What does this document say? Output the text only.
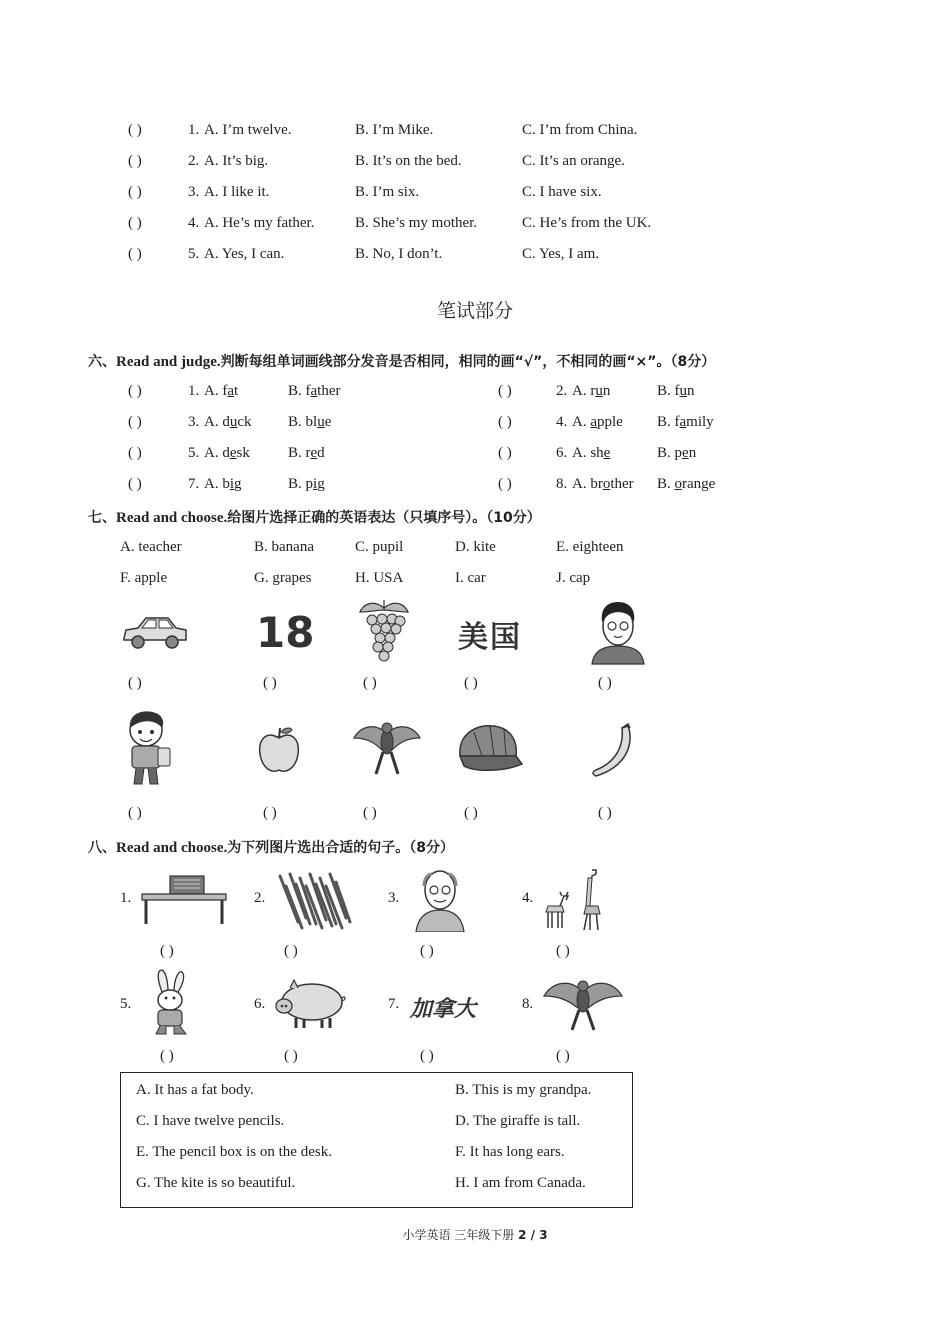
( )	1. A. I’m twelve.	B. I’m Mike.	C. I’m from China.
( )	2. A. It’s big.	B. It’s on the bed.	C. It’s an orange.
( )	3. A. I like it.	B. I’m six.	C. I have six.
( )	4. A. He’s my father.	B. She’s my mother.	C. He’s from the UK.
( )	5. A. Yes, I can.	B. No, I don’t.	C. Yes, I am.
笔试部分
六、Read and judge.判断每组单词画线部分发音是否相同，相同的画“√”，不相同的画“×”。（8分）
( )	1. A. fat	B. father	( )	2. A. run	B. fun
( )	3. A. duck B. blue	( )	4. A. apple B. family
( )	5. A. desk	B. red	( )	6. A. she	B. pen
( )	7. A. big	B. pig	( )	8. A. brother B. orange
七、Read and choose.给图片选择正确的英语表达（只填序号）。（10分）
A. teacher	B. banana	C. pupil	D. kite	E. eighteen
F. apple	G. grapes	H. USA	I. car	J. cap
18	美国
( )	( )	( )	( )	( )
( )	( )	( )	( )	( )
八、Read and choose.为下列图片选出合适的句子。（8分）
1.	2.	3.	4.
( )	( )	( )	( )
5.	6.	7.	8.
加拿大
( )	( )	( )	( )
A. It has a fat body.	B. This is my grandpa.
C. I have twelve pencils.	D. The giraffe is tall.
E. The pencil box is on the desk.	F. It has long ears.
G. The kite is so beautiful.	H. I am from Canada.
小学英语 三年级下册 2 / 3
